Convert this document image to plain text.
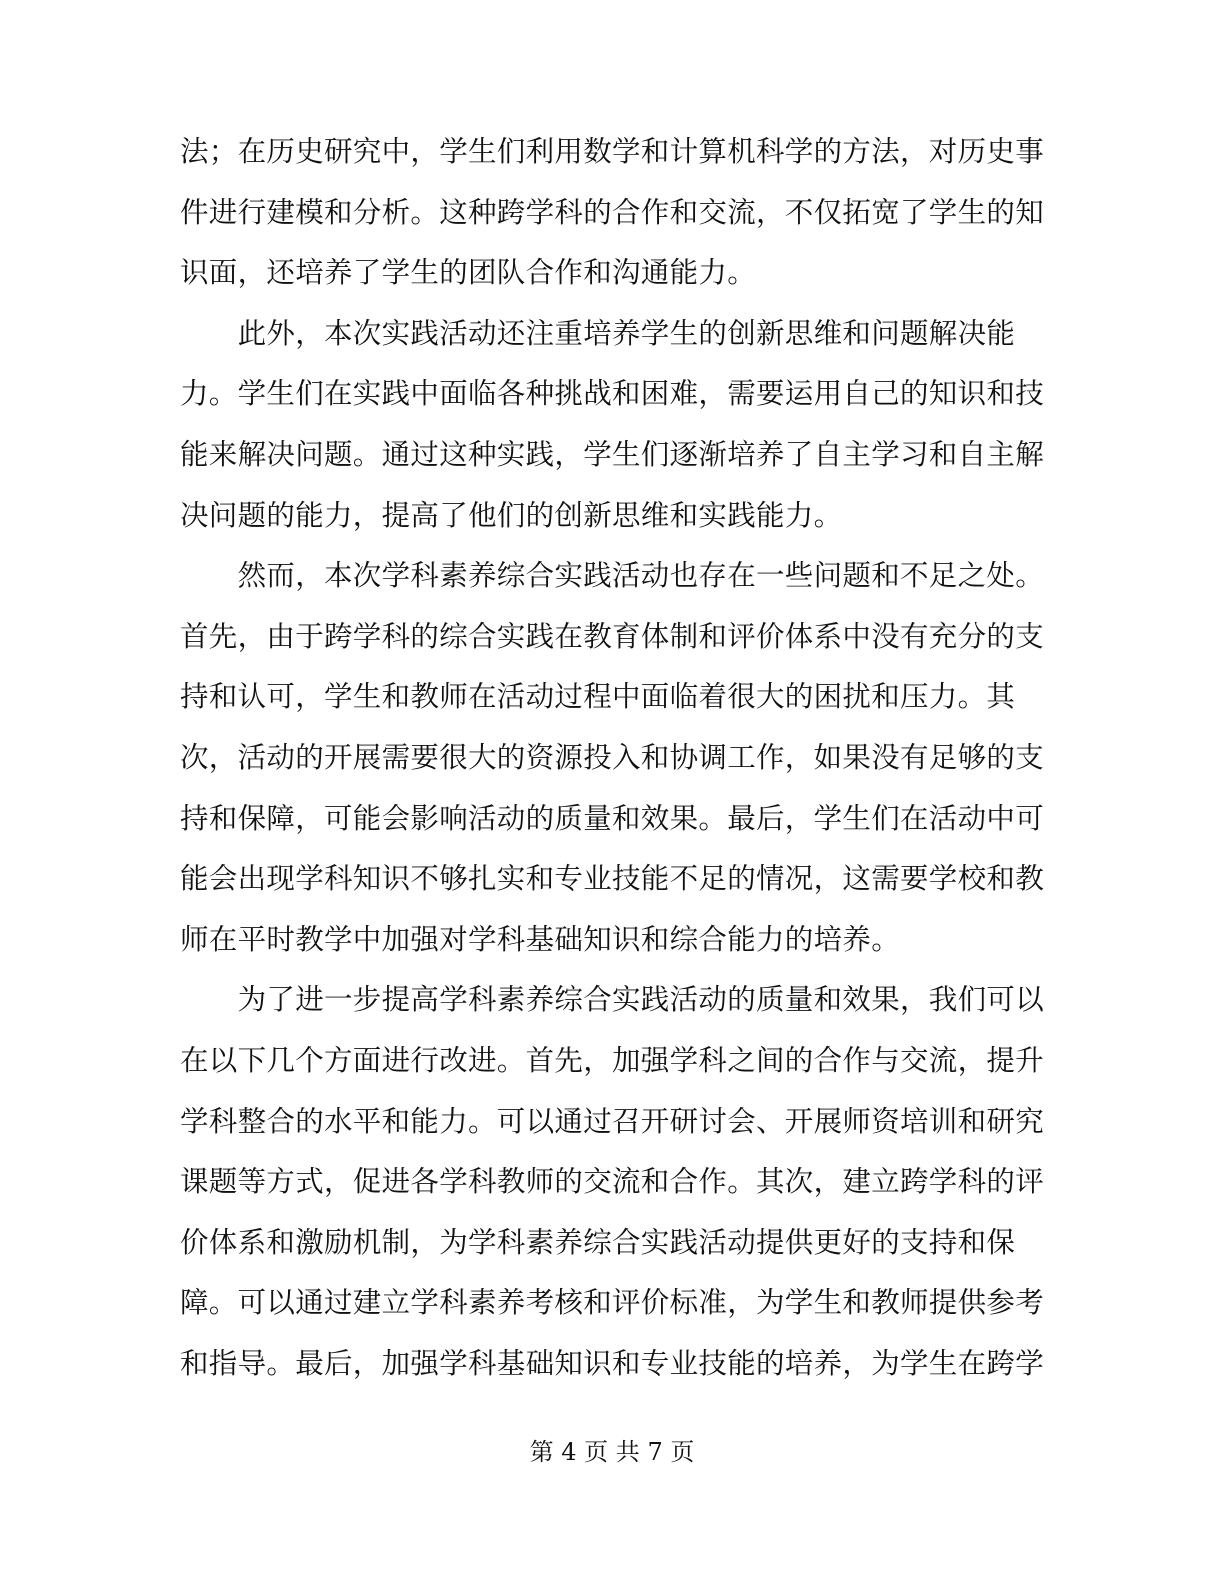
法；在历史研究中，学生们利用数学和计算机科学的方法，对历史事
件进行建模和分析。这种跨学科的合作和交流，不仅拓宽了学生的知
识面，还培养了学生的团队合作和沟通能力。
　　此外，本次实践活动还注重培养学生的创新思维和问题解决能
力。学生们在实践中面临各种挑战和困难，需要运用自己的知识和技
能来解决问题。通过这种实践，学生们逐渐培养了自主学习和自主解
决问题的能力，提高了他们的创新思维和实践能力。
　　然而，本次学科素养综合实践活动也存在一些问题和不足之处。
首先，由于跨学科的综合实践在教育体制和评价体系中没有充分的支
持和认可，学生和教师在活动过程中面临着很大的困扰和压力。其
次，活动的开展需要很大的资源投入和协调工作，如果没有足够的支
持和保障，可能会影响活动的质量和效果。最后，学生们在活动中可
能会出现学科知识不够扎实和专业技能不足的情况，这需要学校和教
师在平时教学中加强对学科基础知识和综合能力的培养。
　　为了进一步提高学科素养综合实践活动的质量和效果，我们可以
在以下几个方面进行改进。首先，加强学科之间的合作与交流，提升
学科整合的水平和能力。可以通过召开研讨会、开展师资培训和研究
课题等方式，促进各学科教师的交流和合作。其次，建立跨学科的评
价体系和激励机制，为学科素养综合实践活动提供更好的支持和保
障。可以通过建立学科素养考核和评价标准，为学生和教师提供参考
和指导。最后，加强学科基础知识和专业技能的培养，为学生在跨学
第 4 页 共 7 页
